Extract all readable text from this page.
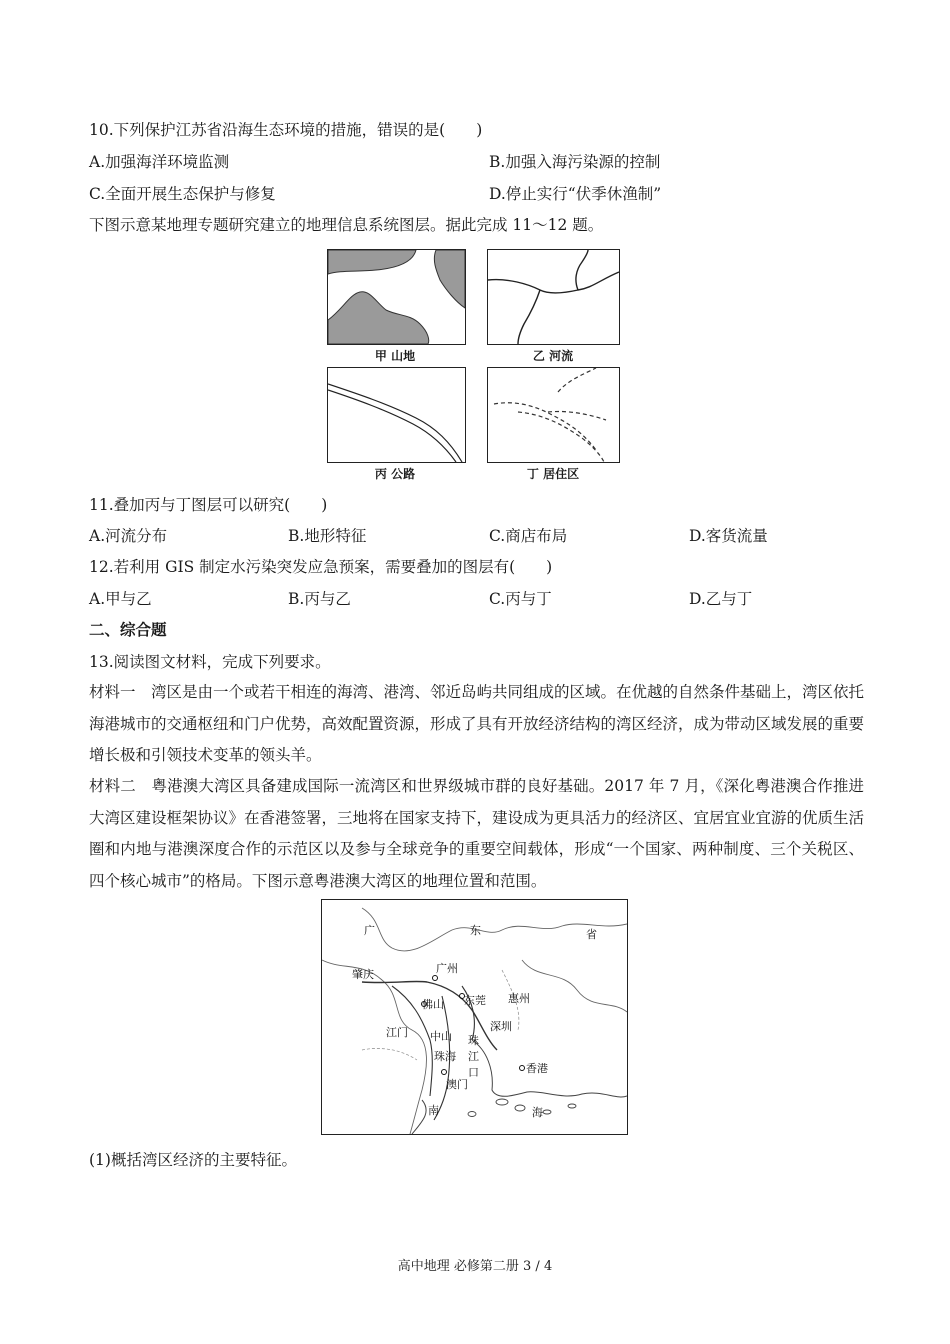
10.下列保护江苏省沿海生态环境的措施，错误的是(　　)
A.加强海洋环境监测	B.加强入海污染源的控制
C.全面开展生态保护与修复	D.停止实行“伏季休渔制”
下图示意某地理专题研究建立的地理信息系统图层。据此完成 11～12 题。
甲 山地	乙 河流
丙 公路	丁 居住区
11.叠加丙与丁图层可以研究(　　)
A.河流分布	B.地形特征	C.商店布局	D.客货流量
12.若利用 GIS 制定水污染突发应急预案，需要叠加的图层有(　　)
A.甲与乙	B.丙与乙	C.丙与丁	D.乙与丁
二、综合题
13.阅读图文材料，完成下列要求。
材料一　湾区是由一个或若干相连的海湾、港湾、邻近岛屿共同组成的区域。在优越的自然条件基础上，湾区依托海港城市的交通枢纽和门户优势，高效配置资源，形成了具有开放经济结构的湾区经济，成为带动区域发展的重要增长极和引领技术变革的领头羊。
材料二　粤港澳大湾区具备建成国际一流湾区和世界级城市群的良好基础。2017 年 7 月，《深化粤港澳合作推进大湾区建设框架协议》在香港签署，三地将在国家支持下，建设成为更具活力的经济区、宜居宜业宜游的优质生活圈和内地与港澳深度合作的示范区以及参与全球竞争的重要空间载体，形成“一个国家、两种制度、三个关税区、四个核心城市”的格局。下图示意粤港澳大湾区的地理位置和范围。
广	东	省
肇庆	广州
佛山 东莞 惠州
江门 中山
深圳
珠
江
口
珠海
香港
澳门
南	海
(1)概括湾区经济的主要特征。
高中地理 必修第二册 3 / 4
